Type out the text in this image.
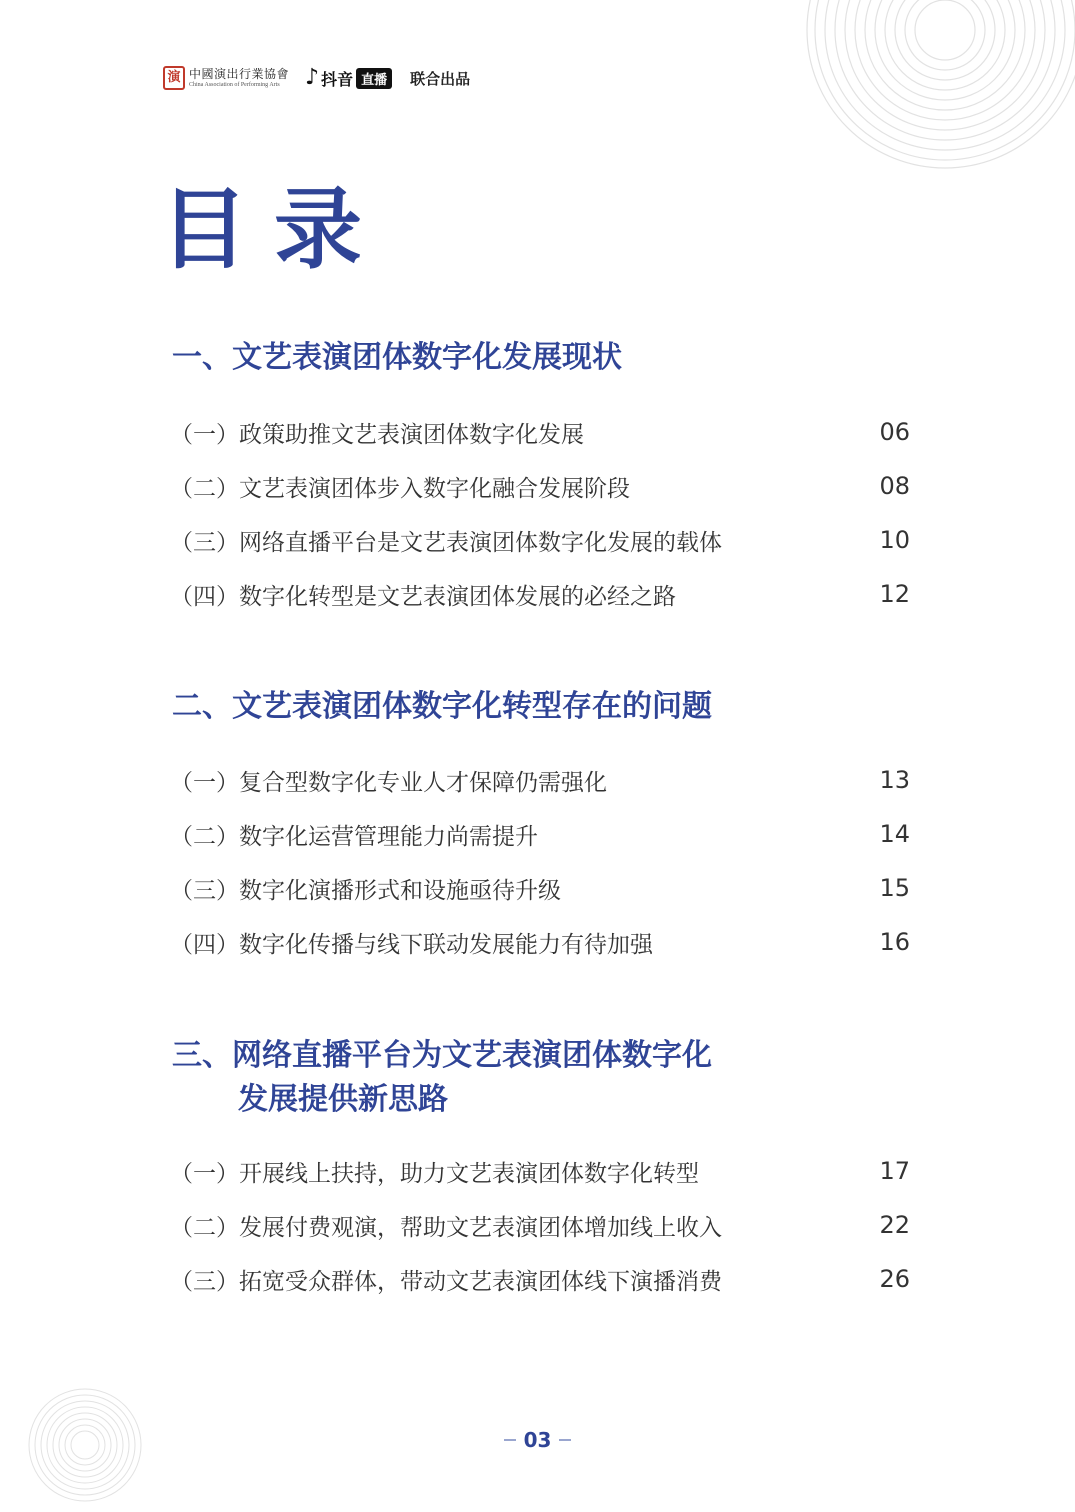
演 中國演出行業協會
China Association of Performing Arts	♪ 抖音 直播	联合出品
目录
一、文艺表演团体数字化发展现状
（一）政策助推文艺表演团体数字化发展	06
（二）文艺表演团体步入数字化融合发展阶段	08
（三）网络直播平台是文艺表演团体数字化发展的载体	10
（四）数字化转型是文艺表演团体发展的必经之路	12
二、文艺表演团体数字化转型存在的问题
（一）复合型数字化专业人才保障仍需强化	13
（二）数字化运营管理能力尚需提升	14
（三）数字化演播形式和设施亟待升级	15
（四）数字化传播与线下联动发展能力有待加强	16
三、网络直播平台为文艺表演团体数字化
发展提供新思路
（一）开展线上扶持，助力文艺表演团体数字化转型	17
（二）发展付费观演，帮助文艺表演团体增加线上收入	22
（三）拓宽受众群体，带动文艺表演团体线下演播消费	26
03
